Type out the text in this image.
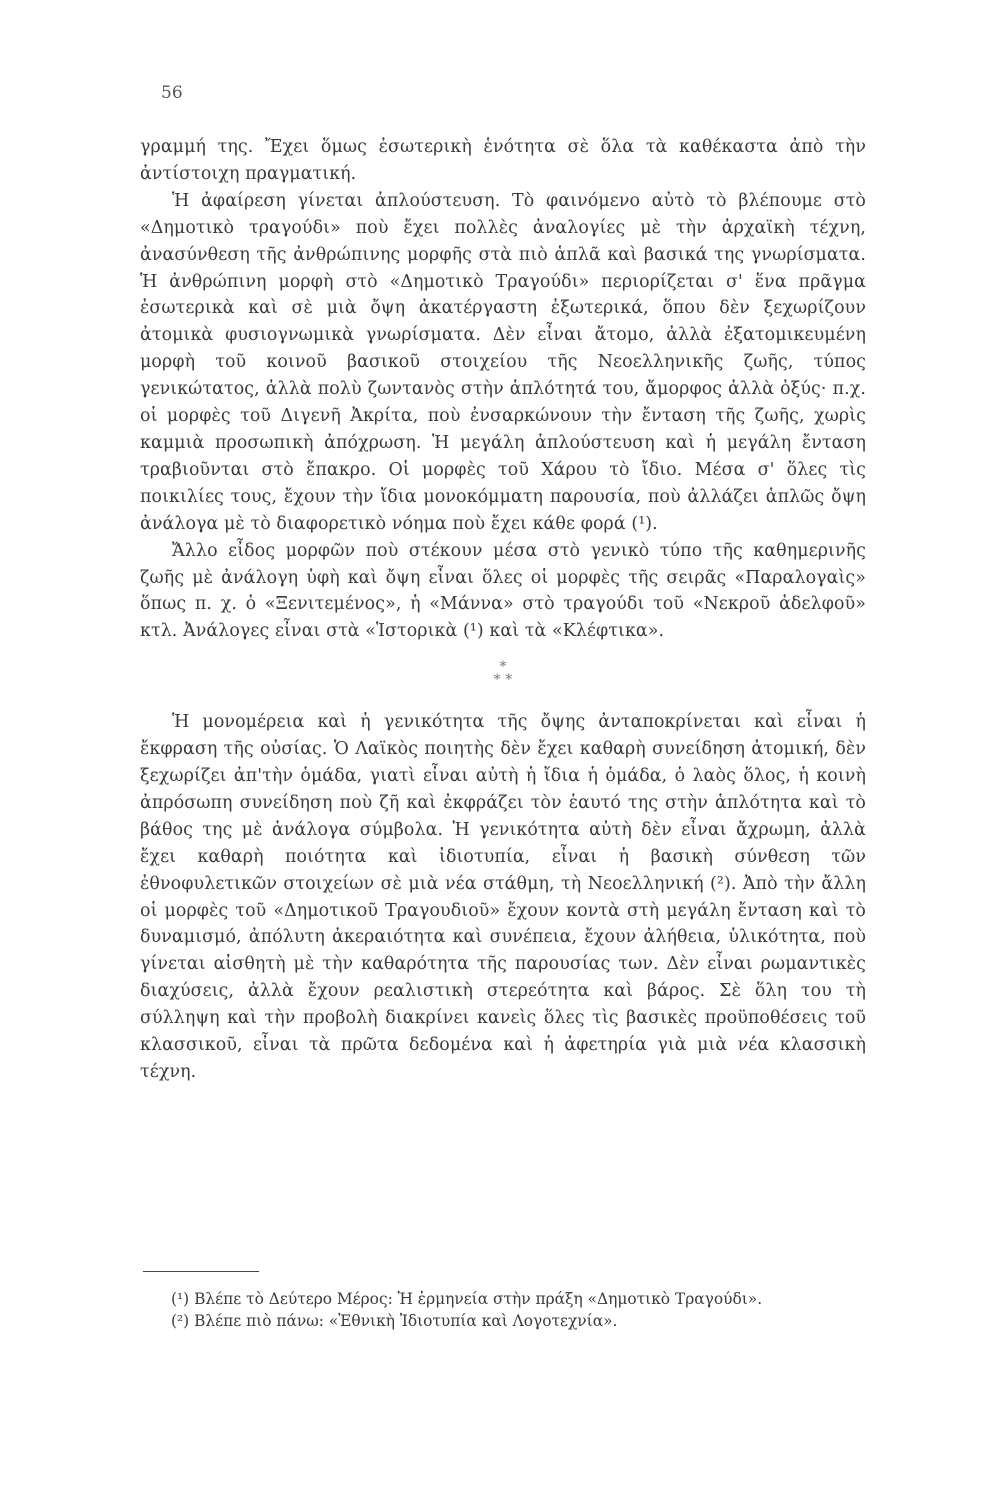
56

γραμμή της. Ἔχει ὅμως ἐσωτερικὴ ἑνότητα σὲ ὅλα τὰ καθέκαστα ἀπὸ τὴν ἀντίστοιχη πραγματική.

Ἡ ἀφαίρεση γίνεται ἁπλούστευση. Τὸ φαινόμενο αὐτὸ τὸ βλέπουμε στὸ «Δημοτικὸ τραγούδι» ποὺ ἔχει πολλὲς ἀναλογίες μὲ τὴν ἀρχαϊκὴ τέχνη, ἀνασύνθεση τῆς ἀνθρώπινης μορφῆς στὰ πιὸ ἁπλᾶ καὶ βασικά της γνωρίσματα. Ἡ ἀνθρώπινη μορφὴ στὸ «Δημοτικὸ Τραγούδι» περιορίζεται σ' ἕνα πρᾶγμα ἐσωτερικὰ καὶ σὲ μιὰ ὄψη ἀκατέργαστη ἐξωτερικά, ὅπου δὲν ξεχωρίζουν ἀτομικὰ φυσιογνωμικὰ γνωρίσματα. Δὲν εἶναι ἄτομο, ἀλλὰ ἐξατομικευμένη μορφὴ τοῦ κοινοῦ βασικοῦ στοιχείου τῆς Νεοελληνικῆς ζωῆς, τύπος γενικώτατος, ἀλλὰ πολὺ ζωντανὸς στὴν ἁπλότητά του, ἄμορφος ἀλλὰ ὀξύς· π.χ. οἱ μορφὲς τοῦ Διγενῆ Ἀκρίτα, ποὺ ἐνσαρκώνουν τὴν ἔνταση τῆς ζωῆς, χωρὶς καμμιὰ προσωπικὴ ἀπόχρωση. Ἡ μεγάλη ἁπλούστευση καὶ ἡ μεγάλη ἔνταση τραβιοῦνται στὸ ἔπακρο. Οἱ μορφὲς τοῦ Χάρου τὸ ἴδιο. Μέσα σ' ὅλες τὶς ποικιλίες τους, ἔχουν τὴν ἴδια μονοκόμματη παρουσία, ποὺ ἀλλάζει ἁπλῶς ὄψη ἀνάλογα μὲ τὸ διαφορετικὸ νόημα ποὺ ἔχει κάθε φορά (¹).

Ἄλλο εἶδος μορφῶν ποὺ στέκουν μέσα στὸ γενικὸ τύπο τῆς καθημερινῆς ζωῆς μὲ ἀνάλογη ὑφὴ καὶ ὄψη εἶναι ὅλες οἱ μορφὲς τῆς σειρᾶς «Παραλογαὶς» ὅπως π. χ. ὁ «Ξενιτεμένος», ἡ «Μάννα» στὸ τραγούδι τοῦ «Νεκροῦ ἀδελφοῦ» κτλ. Ἀνάλογες εἶναι στὰ «Ἱστορικὰ (¹) καὶ τὰ «Κλέφτικα».

*
* *

Ἡ μονομέρεια καὶ ἡ γενικότητα τῆς ὄψης ἀνταποκρίνεται καὶ εἶναι ἡ ἔκφραση τῆς οὐσίας. Ὁ Λαϊκὸς ποιητὴς δὲν ἔχει καθαρὴ συνείδηση ἀτομική, δὲν ξεχωρίζει ἀπ'τὴν ὁμάδα, γιατὶ εἶναι αὐτὴ ἡ ἴδια ἡ ὁμάδα, ὁ λαὸς ὅλος, ἡ κοινὴ ἀπρόσωπη συνείδηση ποὺ ζῆ καὶ ἐκφράζει τὸν ἑαυτό της στὴν ἁπλότητα καὶ τὸ βάθος της μὲ ἀνάλογα σύμβολα. Ἡ γενικότητα αὐτὴ δὲν εἶναι ἄχρωμη, ἀλλὰ ἔχει καθαρὴ ποιότητα καὶ ἰδιοτυπία, εἶναι ἡ βασικὴ σύνθεση τῶν ἐθνοφυλετικῶν στοιχείων σὲ μιὰ νέα στάθμη, τὴ Νεοελληνική (²). Ἀπὸ τὴν ἄλλη οἱ μορφὲς τοῦ «Δημοτικοῦ Τραγουδιοῦ» ἔχουν κοντὰ στὴ μεγάλη ἔνταση καὶ τὸ δυναμισμό, ἀπόλυτη ἀκεραιότητα καὶ συνέπεια, ἔχουν ἀλήθεια, ὑλικότητα, ποὺ γίνεται αἰσθητὴ μὲ τὴν καθαρότητα τῆς παρουσίας των. Δὲν εἶναι ρωμαντικὲς διαχύσεις, ἀλλὰ ἔχουν ρεαλιστικὴ στερεότητα καὶ βάρος. Σὲ ὅλη του τὴ σύλληψη καὶ τὴν προβολὴ διακρίνει κανεὶς ὅλες τὶς βασικὲς προϋποθέσεις τοῦ κλασσικοῦ, εἶναι τὰ πρῶτα δεδομένα καὶ ἡ ἀφετηρία γιὰ μιὰ νέα κλασσικὴ τέχνη.

(¹) Βλέπε τὸ Δεύτερο Μέρος: Ἡ ἑρμηνεία στὴν πράξη «Δημοτικὸ Τραγούδι».

(²) Βλέπε πιὸ πάνω: «Ἐθνικὴ Ἰδιοτυπία καὶ Λογοτεχνία».
